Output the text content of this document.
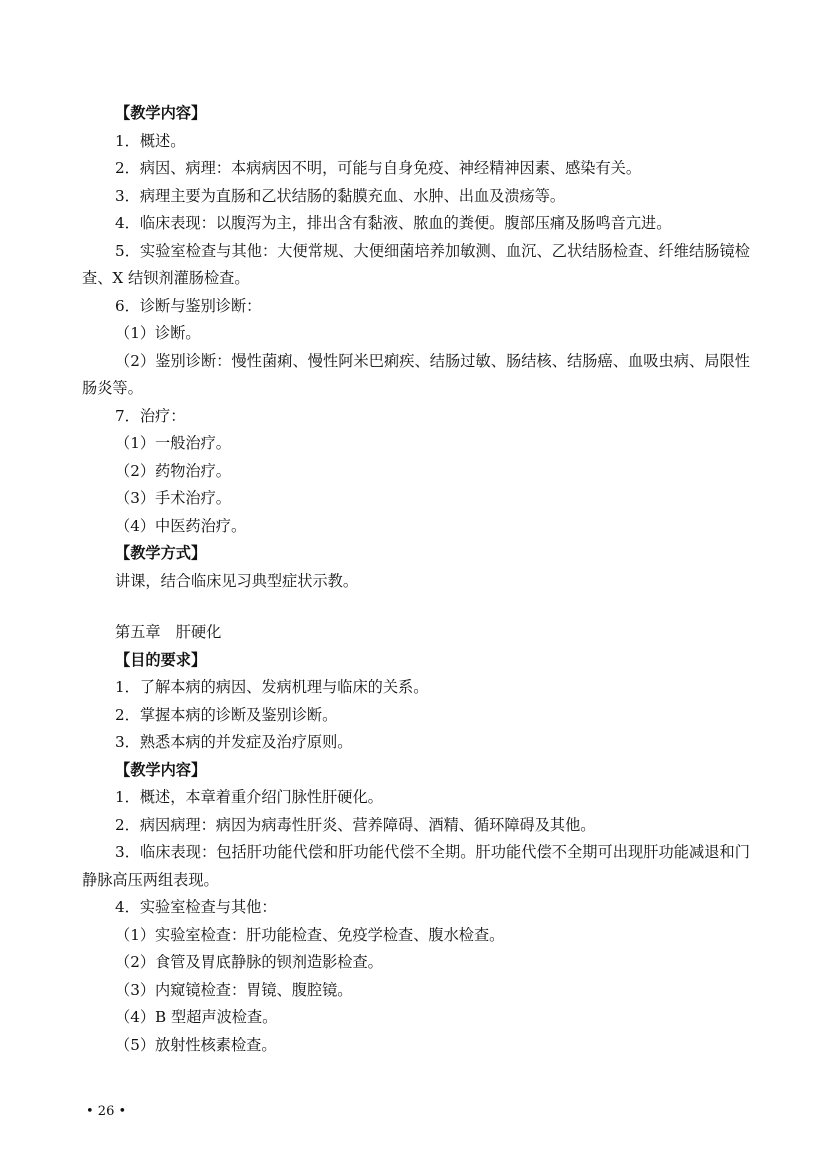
【教学内容】
1．概述。
2．病因、病理：本病病因不明，可能与自身免疫、神经精神因素、感染有关。
3．病理主要为直肠和乙状结肠的黏膜充血、水肿、出血及溃疡等。
4．临床表现：以腹泻为主，排出含有黏液、脓血的粪便。腹部压痛及肠鸣音亢进。
5．实验室检查与其他：大便常规、大便细菌培养加敏测、血沉、乙状结肠检查、纤维结肠镜检查、X 结钡剂灌肠检查。
6．诊断与鉴别诊断：
（1）诊断。
（2）鉴别诊断：慢性菌痢、慢性阿米巴痢疾、结肠过敏、肠结核、结肠癌、血吸虫病、局限性肠炎等。
7．治疗：
（1）一般治疗。
（2）药物治疗。
（3）手术治疗。
（4）中医药治疗。
【教学方式】
讲课，结合临床见习典型症状示教。
第五章　肝硬化
【目的要求】
1．了解本病的病因、发病机理与临床的关系。
2．掌握本病的诊断及鉴别诊断。
3．熟悉本病的并发症及治疗原则。
【教学内容】
1．概述，本章着重介绍门脉性肝硬化。
2．病因病理：病因为病毒性肝炎、营养障碍、酒精、循环障碍及其他。
3．临床表现：包括肝功能代偿和肝功能代偿不全期。肝功能代偿不全期可出现肝功能减退和门静脉高压两组表现。
4．实验室检查与其他：
（1）实验室检查：肝功能检查、免疫学检查、腹水检查。
（2）食管及胃底静脉的钡剂造影检查。
（3）内窥镜检查：胃镜、腹腔镜。
（4）B 型超声波检查。
（5）放射性核素检查。
• 26 •
